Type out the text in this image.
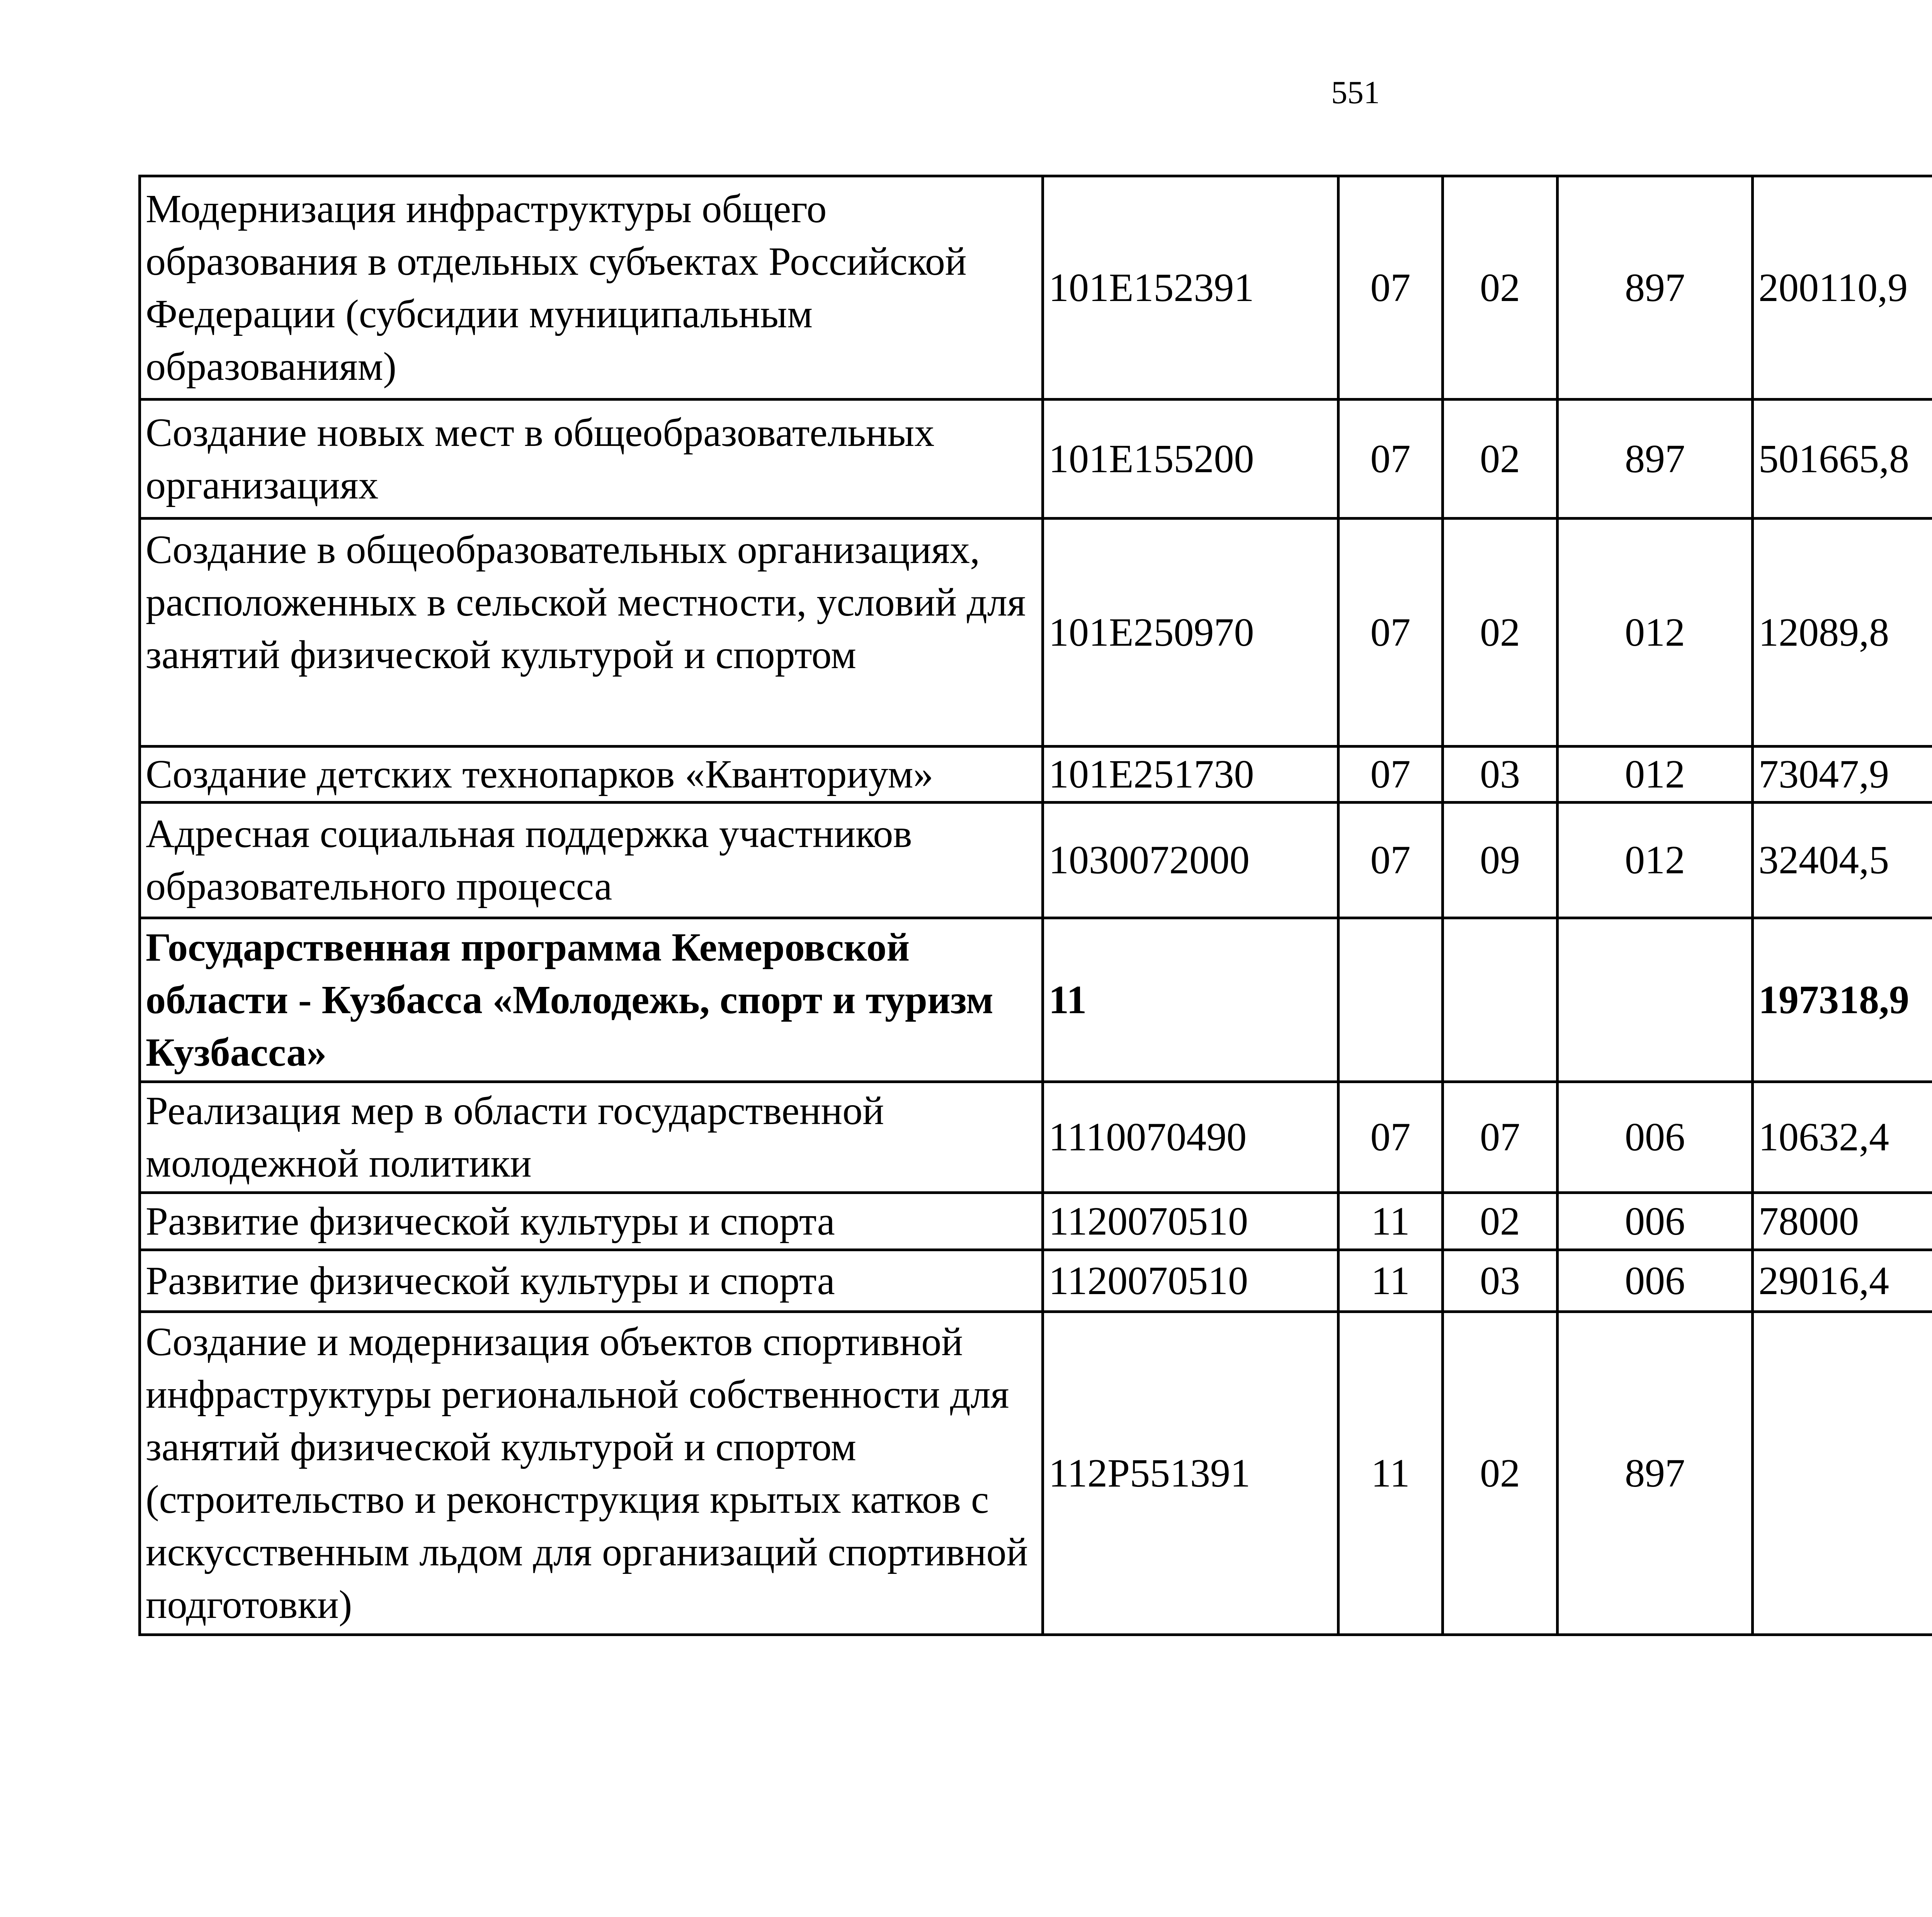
551
Модернизация инфраструктуры общего образования в отдельных субъектах Российской Федерации (субсидии муниципальным образованиям)	101E152391	07	02	897	200110,9		
Создание новых мест в общеобразовательных организациях	101E155200	07	02	897	501665,8		
Создание в общеобразовательных организациях, расположенных в сельской местности, условий для занятий физической культурой и спортом	101E250970	07	02	012	12089,8		
Создание детских технопарков «Кванториум»	101E251730	07	03	012	73047,9		
Адресная социальная поддержка участников образовательного процесса	1030072000	07	09	012	32404,5		
Государственная программа Кемеровской области - Кузбасса «Молодежь, спорт и туризм Кузбасса»	11				197318,9		
Реализация мер в области государственной молодежной политики	1110070490	07	07	006	10632,4		
Развитие физической культуры и спорта	1120070510	11	02	006	78000		
Развитие физической культуры и спорта	1120070510	11	03	006	29016,4		
Создание и модернизация объектов спортивной инфраструктуры региональной собственности для занятий физической культурой и спортом (строительство и реконструкция крытых катков с искусственным льдом для организаций спортивной подготовки)	112P551391	11	02	897			
